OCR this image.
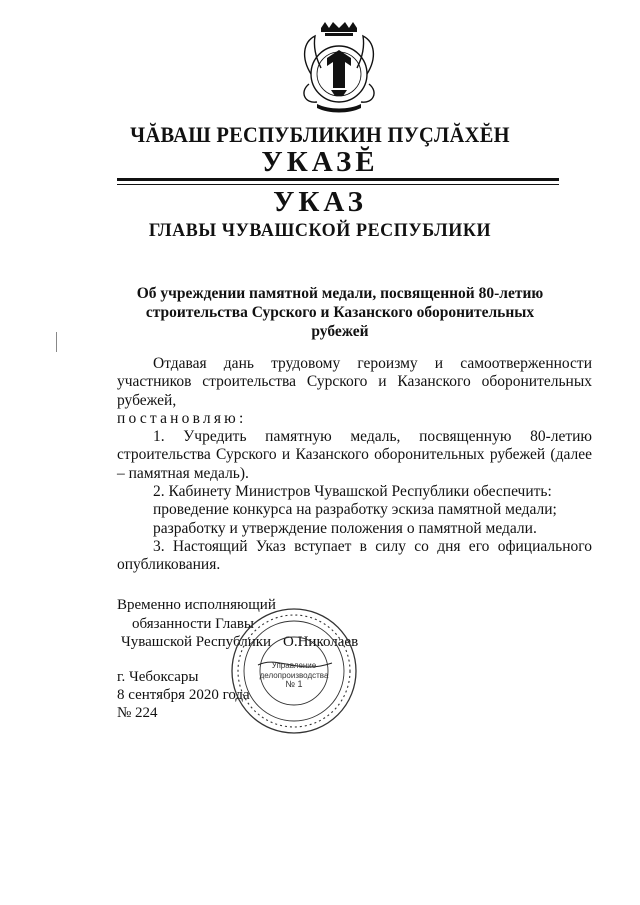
ЧĂВАШ РЕСПУБЛИКИН ПУÇЛĂХĔН
УКАЗĔ
УКАЗ
ГЛАВЫ ЧУВАШСКОЙ РЕСПУБЛИКИ
Об учреждении памятной медали, посвященной 80-летию
строительства Сурского и Казанского оборонительных рубежей

Отдавая дань трудовому героизму и самоотверженности участников строительства Сурского и Казанского оборонительных рубежей,

постановляю:

1. Учредить памятную медаль, посвященную 80-летию строительства Сурского и Казанского оборонительных рубежей (далее – памятная медаль).

2. Кабинету Министров Чувашской Республики обеспечить:

проведение конкурса на разработку эскиза памятной медали;

разработку и утверждение положения о памятной медали.

3. Настоящий Указ вступает в силу со дня его официального опубликования.

Временно исполняющий
обязанности Главы
Чувашской Республики О.Николаев
г. Чебоксары
8 сентября 2020 года
№ 224
Управление
делопроизводства
№ 1
